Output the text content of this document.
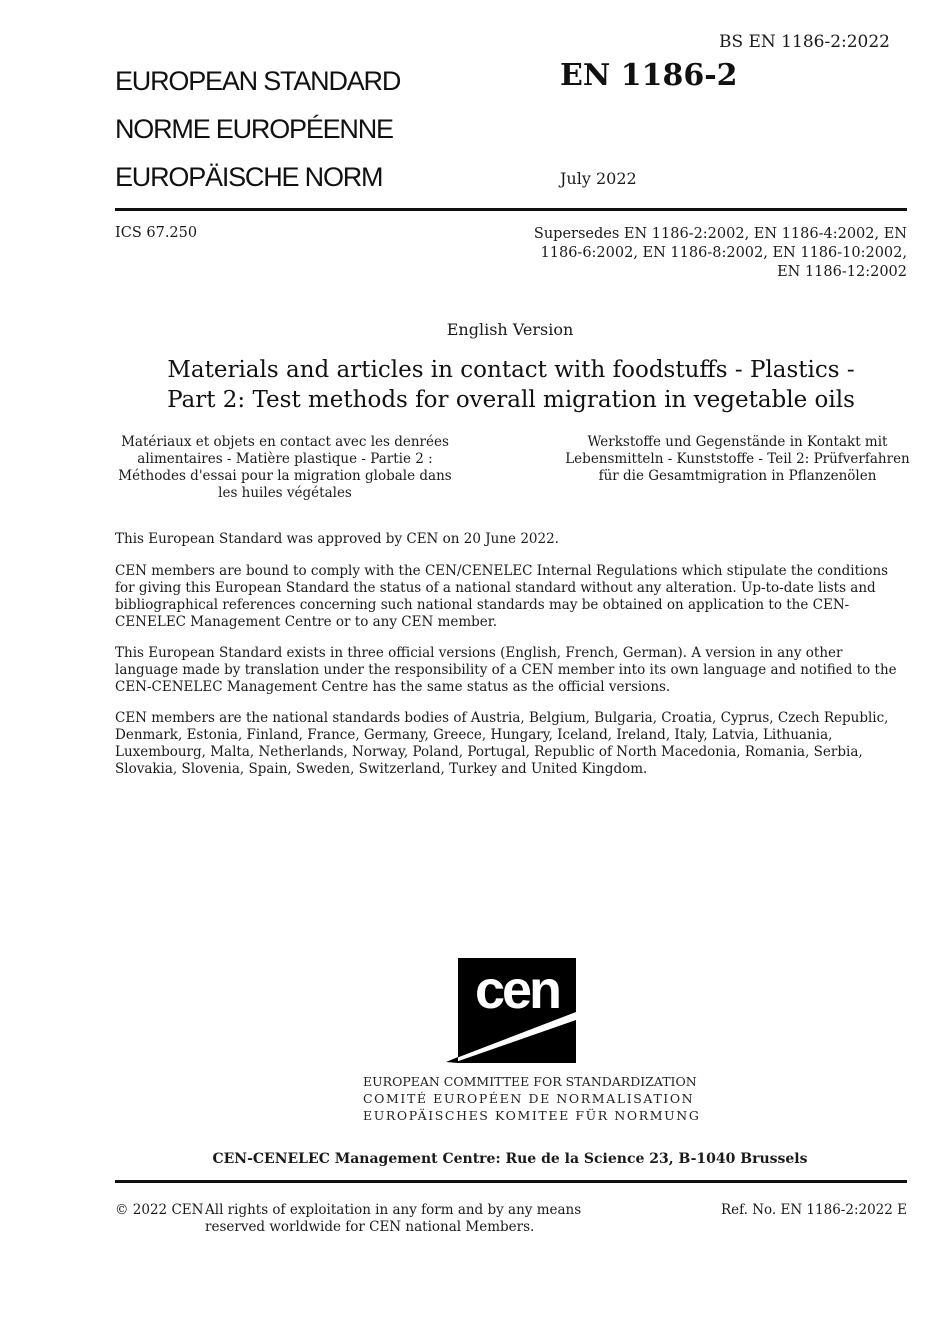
BS EN 1186-2:2022
EUROPEAN STANDARD
NORME EUROPÉENNE
EUROPÄISCHE NORM
EN 1186-2
July 2022
ICS 67.250	Supersedes EN 1186-2:2002, EN 1186-4:2002, EN 1186-6:2002, EN 1186-8:2002, EN 1186-10:2002, EN 1186-12:2002
English Version
Materials and articles in contact with foodstuffs - Plastics -
Part 2: Test methods for overall migration in vegetable oils
Matériaux et objets en contact avec les denrées alimentaires - Matière plastique - Partie 2 : Méthodes d'essai pour la migration globale dans les huiles végétales
Werkstoffe und Gegenstände in Kontakt mit Lebensmitteln - Kunststoffe - Teil 2: Prüfverfahren für die Gesamtmigration in Pflanzenölen
This European Standard was approved by CEN on 20 June 2022.
CEN members are bound to comply with the CEN/CENELEC Internal Regulations which stipulate the conditions for giving this European Standard the status of a national standard without any alteration. Up-to-date lists and bibliographical references concerning such national standards may be obtained on application to the CEN-CENELEC Management Centre or to any CEN member.
This European Standard exists in three official versions (English, French, German). A version in any other language made by translation under the responsibility of a CEN member into its own language and notified to the CEN-CENELEC Management Centre has the same status as the official versions.
CEN members are the national standards bodies of Austria, Belgium, Bulgaria, Croatia, Cyprus, Czech Republic, Denmark, Estonia, Finland, France, Germany, Greece, Hungary, Iceland, Ireland, Italy, Latvia, Lithuania, Luxembourg, Malta, Netherlands, Norway, Poland, Portugal, Republic of North Macedonia, Romania, Serbia, Slovakia, Slovenia, Spain, Sweden, Switzerland, Turkey and United Kingdom.
cen
EUROPEAN COMMITTEE FOR STANDARDIZATION
COMITÉ EUROPÉEN DE NORMALISATION
EUROPÄISCHES KOMITEE FÜR NORMUNG
CEN-CENELEC Management Centre: Rue de la Science 23, B-1040 Brussels
© 2022 CEN All rights of exploitation in any form and by any means reserved worldwide for CEN national Members.
Ref. No. EN 1186-2:2022 E
